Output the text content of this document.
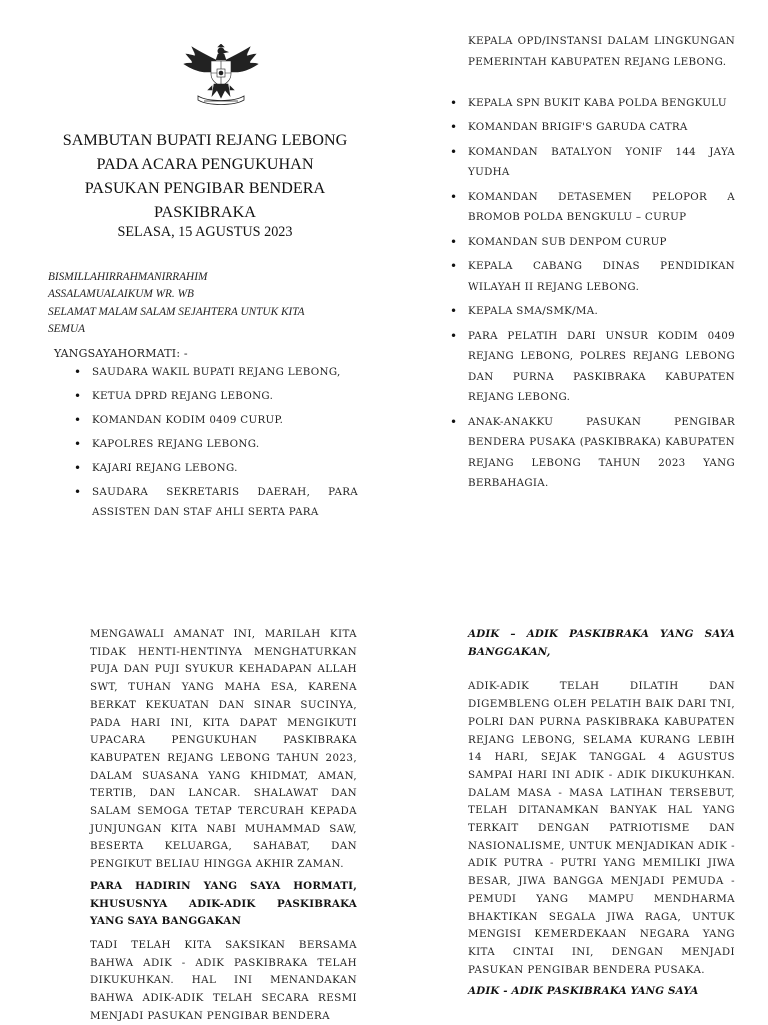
SAMBUTAN BUPATI REJANG LEBONG
PADA ACARA PENGUKUHAN
PASUKAN PENGIBAR BENDERA
PASKIBRAKA
SELASA, 15 AGUSTUS 2023
BISMILLAHIRRAHMANIRRAHIM
ASSALAMUALAIKUM WR. WB
SELAMAT MALAM SALAM SEJAHTERA UNTUK KITA
SEMUA
YANGSAYAHORMATI: -
• SAUDARA WAKIL BUPATI REJANG LEBONG,
• KETUA DPRD REJANG LEBONG.
• KOMANDAN KODIM 0409 CURUP.
• KAPOLRES REJANG LEBONG.
• KAJARI REJANG LEBONG.
• SAUDARA SEKRETARIS DAERAH, PARA ASSISTEN DAN STAF AHLI SERTA PARA
KEPALA OPD/INSTANSI DALAM LINGKUNGAN PEMERINTAH KABUPATEN REJANG LEBONG.
• KEPALA SPN BUKIT KABA POLDA BENGKULU
• KOMANDAN BRIGIF'S GARUDA CATRA
• KOMANDAN BATALYON YONIF 144 JAYA YUDHA
• KOMANDAN DETASEMEN PELOPOR A BROMOB POLDA BENGKULU – CURUP
• KOMANDAN SUB DENPOM CURUP
• KEPALA CABANG DINAS PENDIDIKAN WILAYAH II REJANG LEBONG.
• KEPALA SMA/SMK/MA.
• PARA PELATIH DARI UNSUR KODIM 0409 REJANG LEBONG, POLRES REJANG LEBONG DAN PURNA PASKIBRAKA KABUPATEN REJANG LEBONG.
• ANAK-ANAKKU PASUKAN PENGIBAR BENDERA PUSAKA (PASKIBRAKA) KABUPATEN REJANG LEBONG TAHUN 2023 YANG BERBAHAGIA.

MENGAWALI AMANAT INI, MARILAH KITA TIDAK HENTI-HENTINYA MENGHATURKAN PUJA DAN PUJI SYUKUR KEHADAPAN ALLAH SWT, TUHAN YANG MAHA ESA, KARENA BERKAT KEKUATAN DAN SINAR SUCINYA, PADA HARI INI, KITA DAPAT MENGIKUTI UPACARA PENGUKUHAN PASKIBRAKA KABUPATEN REJANG LEBONG TAHUN 2023, DALAM SUASANA YANG KHIDMAT, AMAN, TERTIB, DAN LANCAR. SHALAWAT DAN SALAM SEMOGA TETAP TERCURAH KEPADA JUNJUNGAN KITA NABI MUHAMMAD SAW, BESERTA KELUARGA, SAHABAT, DAN PENGIKUT BELIAU HINGGA AKHIR ZAMAN.

PARA HADIRIN YANG SAYA HORMATI, KHUSUSNYA ADIK-ADIK PASKIBRAKA YANG SAYA BANGGAKAN

TADI TELAH KITA SAKSIKAN BERSAMA BAHWA ADIK - ADIK PASKIBRAKA TELAH DIKUKUHKAN. HAL INI MENANDAKAN BAHWA ADIK-ADIK TELAH SECARA RESMI MENJADI PASUKAN PENGIBAR BENDERA

ADIK – ADIK PASKIBRAKA YANG SAYA BANGGAKAN,

ADIK-ADIK TELAH DILATIH DAN DIGEMBLENG OLEH PELATIH BAIK DARI TNI, POLRI DAN PURNA PASKIBRAKA KABUPATEN REJANG LEBONG, SELAMA KURANG LEBIH 14 HARI, SEJAK TANGGAL 4 AGUSTUS SAMPAI HARI INI ADIK - ADIK DIKUKUHKAN. DALAM MASA - MASA LATIHAN TERSEBUT, TELAH DITANAMKAN BANYAK HAL YANG TERKAIT DENGAN PATRIOTISME DAN NASIONALISME, UNTUK MENJADIKAN ADIK - ADIK PUTRA - PUTRI YANG MEMILIKI JIWA BESAR, JIWA BANGGA MENJADI PEMUDA - PEMUDI YANG MAMPU MENDHARMA BHAKTIKAN SEGALA JIWA RAGA, UNTUK MENGISI KEMERDEKAAN NEGARA YANG KITA CINTAI INI, DENGAN MENJADI PASUKAN PENGIBAR BENDERA PUSAKA.

ADIK - ADIK PASKIBRAKA YANG SAYA
